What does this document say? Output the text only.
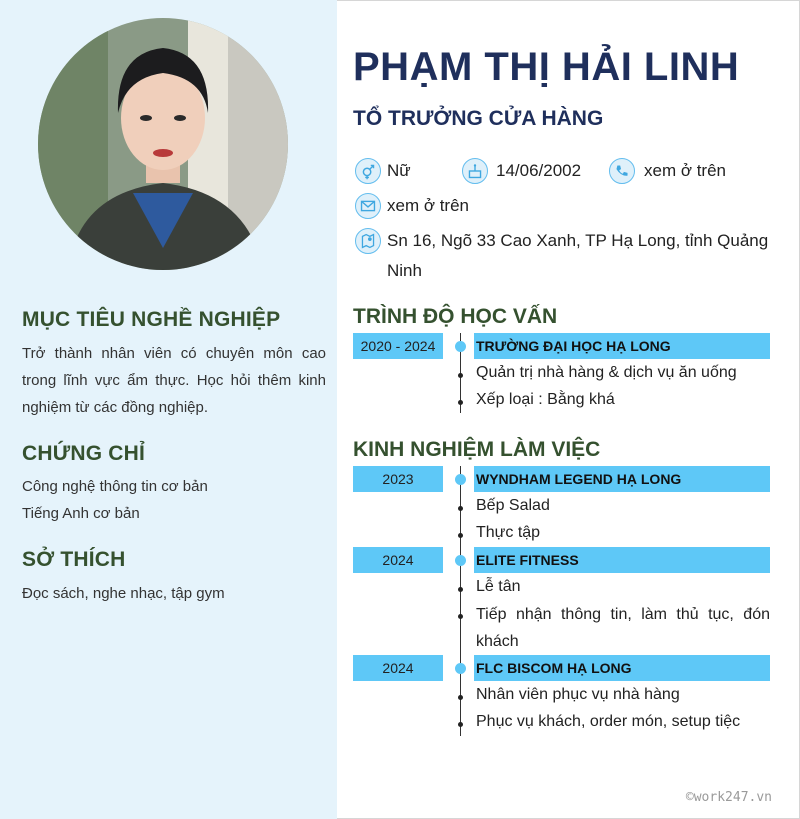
MỤC TIÊU NGHỀ NGHIỆP
Trở thành nhân viên có chuyên môn cao trong lĩnh vực ẩm thực. Học hỏi thêm kinh nghiệm từ các đồng nghiệp.
CHỨNG CHỈ
Công nghệ thông tin cơ bản
Tiếng Anh cơ bản
SỞ THÍCH
Đọc sách, nghe nhạc, tập gym
PHẠM THỊ HẢI LINH
TỔ TRƯỞNG CỬA HÀNG
Nữ	14/06/2002	xem ở trên
xem ở trên
Sn 16, Ngõ 33 Cao Xanh, TP Hạ Long, tỉnh Quảng
Ninh
TRÌNH ĐỘ HỌC VẤN
2020 - 2024	TRƯỜNG ĐẠI HỌC HẠ LONG
Quản trị nhà hàng & dịch vụ ăn uống
Xếp loại : Bằng khá
KINH NGHIỆM LÀM VIỆC
2023	WYNDHAM LEGEND HẠ LONG
Bếp Salad
Thực tập
2024	ELITE FITNESS
Lễ tân
Tiếp nhận thông tin, làm thủ tục, đón khách
2024	FLC BISCOM HẠ LONG
Nhân viên phục vụ nhà hàng
Phục vụ khách, order món, setup tiệc
©work247.vn
